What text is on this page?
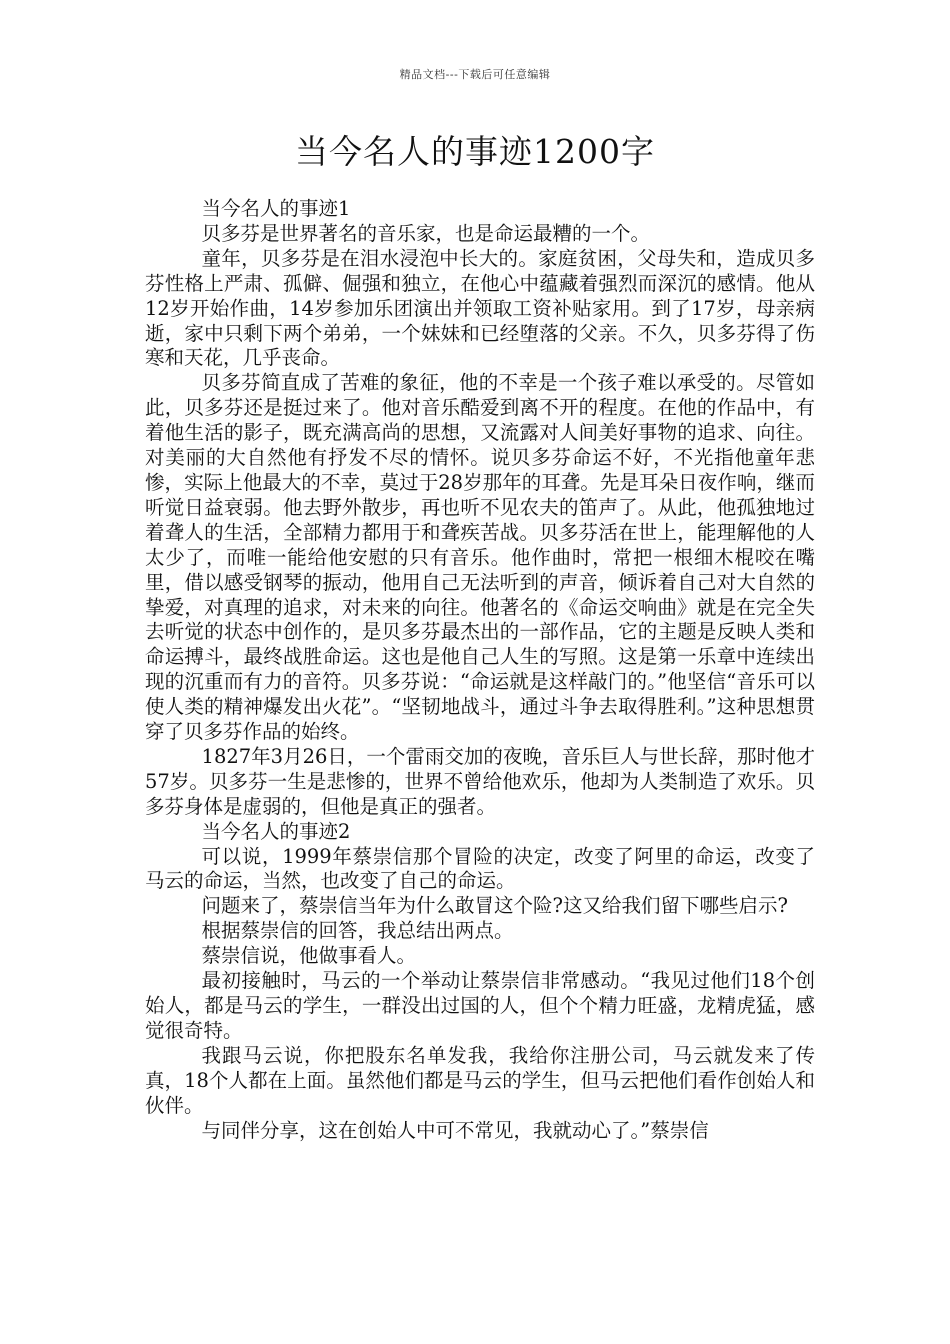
精品文档---下载后可任意编辑
当今名人的事迹1200字

当今名人的事迹1

贝多芬是世界著名的音乐家，也是命运最糟的一个。

童年，贝多芬是在泪水浸泡中长大的。家庭贫困，父母失和，造成贝多芬性格上严肃、孤僻、倔强和独立，在他心中蕴藏着强烈而深沉的感情。他从12岁开始作曲，14岁参加乐团演出并领取工资补贴家用。到了17岁，母亲病逝，家中只剩下两个弟弟，一个妹妹和已经堕落的父亲。不久，贝多芬得了伤寒和天花，几乎丧命。

贝多芬简直成了苦难的象征，他的不幸是一个孩子难以承受的。尽管如此，贝多芬还是挺过来了。他对音乐酷爱到离不开的程度。在他的作品中，有着他生活的影子，既充满高尚的思想，又流露对人间美好事物的追求、向往。对美丽的大自然他有抒发不尽的情怀。说贝多芬命运不好，不光指他童年悲惨，实际上他最大的不幸，莫过于28岁那年的耳聋。先是耳朵日夜作响，继而听觉日益衰弱。他去野外散步，再也听不见农夫的笛声了。从此，他孤独地过着聋人的生活，全部精力都用于和聋疾苦战。贝多芬活在世上，能理解他的人太少了，而唯一能给他安慰的只有音乐。他作曲时，常把一根细木棍咬在嘴里，借以感受钢琴的振动，他用自己无法听到的声音，倾诉着自己对大自然的挚爱，对真理的追求，对未来的向往。他著名的《命运交响曲》就是在完全失去听觉的状态中创作的，是贝多芬最杰出的一部作品，它的主题是反映人类和命运搏斗，最终战胜命运。这也是他自己人生的写照。这是第一乐章中连续出现的沉重而有力的音符。贝多芬说：“命运就是这样敲门的。”他坚信“音乐可以使人类的精神爆发出火花”。“坚韧地战斗，通过斗争去取得胜利。”这种思想贯穿了贝多芬作品的始终。

1827年3月26日，一个雷雨交加的夜晚，音乐巨人与世长辞，那时他才57岁。贝多芬一生是悲惨的，世界不曾给他欢乐，他却为人类制造了欢乐。贝多芬身体是虚弱的，但他是真正的强者。

当今名人的事迹2

可以说，1999年蔡崇信那个冒险的决定，改变了阿里的命运，改变了马云的命运，当然，也改变了自己的命运。

问题来了，蔡崇信当年为什么敢冒这个险?这又给我们留下哪些启示?

根据蔡崇信的回答，我总结出两点。

蔡崇信说，他做事看人。

最初接触时，马云的一个举动让蔡崇信非常感动。“我见过他们18个创始人，都是马云的学生，一群没出过国的人，但个个精力旺盛，龙精虎猛，感觉很奇特。

我跟马云说，你把股东名单发我，我给你注册公司，马云就发来了传真，18个人都在上面。虽然他们都是马云的学生，但马云把他们看作创始人和伙伴。

与同伴分享，这在创始人中可不常见，我就动心了。”蔡崇信
